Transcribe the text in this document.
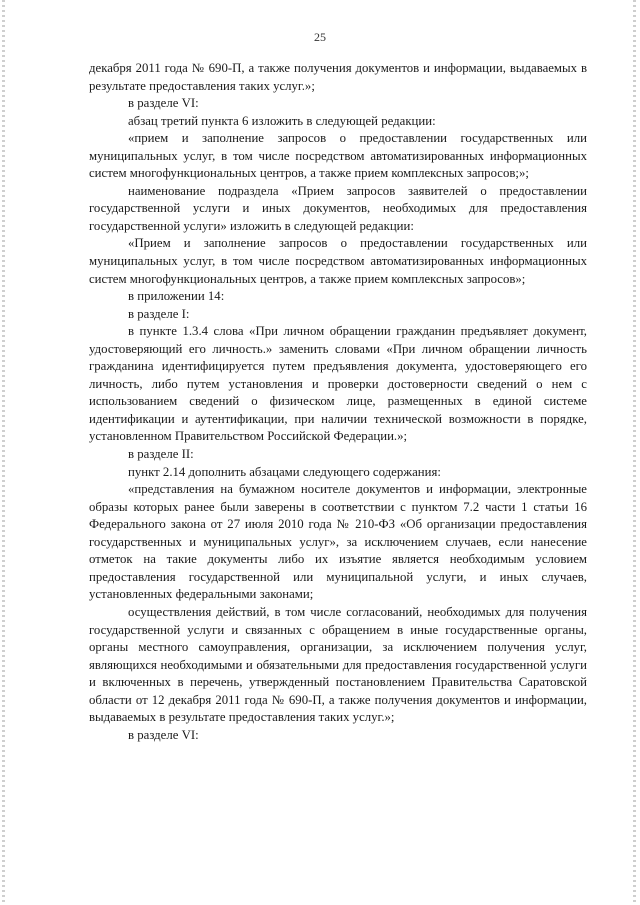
25

декабря 2011 года № 690-П, а также получения документов и информации, выдаваемых в результате предоставления таких услуг.»;

в разделе VI:

абзац третий пункта 6 изложить в следующей редакции:

«прием и заполнение запросов о предоставлении государственных или муниципальных услуг, в том числе посредством автоматизированных информационных систем многофункциональных центров, а также прием комплексных запросов;»;

наименование подраздела «Прием запросов заявителей о предоставлении государственной услуги и иных документов, необходимых для предоставления государственной услуги» изложить в следующей редакции:

«Прием и заполнение запросов о предоставлении государственных или муниципальных услуг, в том числе посредством автоматизированных информационных систем многофункциональных центров, а также прием комплексных запросов»;

в приложении 14:

в разделе I:

в пункте 1.3.4 слова «При личном обращении гражданин предъявляет документ, удостоверяющий его личность.» заменить словами «При личном обращении личность гражданина идентифицируется путем предъявления документа, удостоверяющего его личность, либо путем установления и проверки достоверности сведений о нем с использованием сведений о физическом лице, размещенных в единой системе идентификации и аутентификации, при наличии технической возможности в порядке, установленном Правительством Российской Федерации.»;

в разделе II:

пункт 2.14 дополнить абзацами следующего содержания:

«представления на бумажном носителе документов и информации, электронные образы которых ранее были заверены в соответствии с пунктом 7.2 части 1 статьи 16 Федерального закона от 27 июля 2010 года № 210-ФЗ «Об организации предоставления государственных и муниципальных услуг», за исключением случаев, если нанесение отметок на такие документы либо их изъятие является необходимым условием предоставления государственной или муниципальной услуги, и иных случаев, установленных федеральными законами;

осуществления действий, в том числе согласований, необходимых для получения государственной услуги и связанных с обращением в иные государственные органы, органы местного самоуправления, организации, за исключением получения услуг, являющихся необходимыми и обязательными для предоставления государственной услуги и включенных в перечень, утвержденный постановлением Правительства Саратовской области от 12 декабря 2011 года № 690-П, а также получения документов и информации, выдаваемых в результате предоставления таких услуг.»;

в разделе VI:
